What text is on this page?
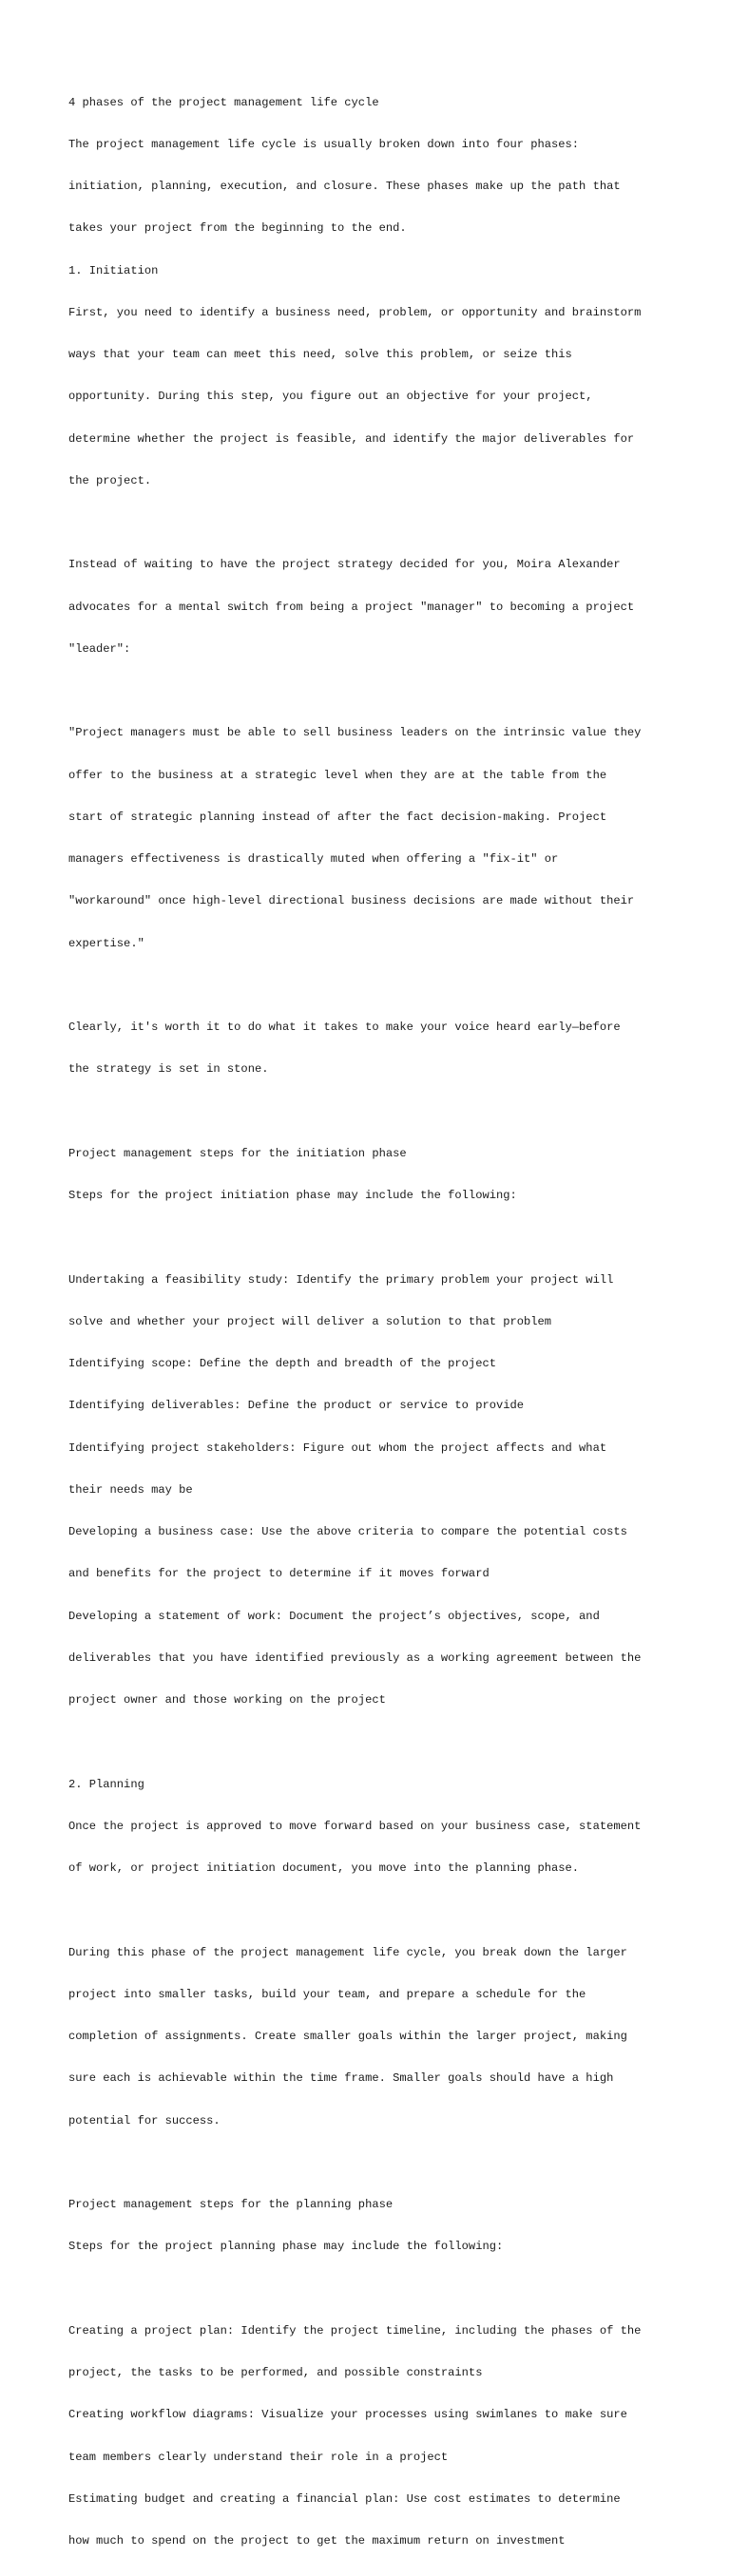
4 phases of the project management life cycle

The project management life cycle is usually broken down into four phases:

initiation, planning, execution, and closure. These phases make up the path that

takes your project from the beginning to the end.

1. Initiation

First, you need to identify a business need, problem, or opportunity and brainstorm

ways that your team can meet this need, solve this problem, or seize this

opportunity. During this step, you figure out an objective for your project,

determine whether the project is feasible, and identify the major deliverables for

the project.

Instead of waiting to have the project strategy decided for you, Moira Alexander

advocates for a mental switch from being a project "manager" to becoming a project

"leader":

"Project managers must be able to sell business leaders on the intrinsic value they

offer to the business at a strategic level when they are at the table from the

start of strategic planning instead of after the fact decision-making. Project

managers effectiveness is drastically muted when offering a "fix-it" or

"workaround" once high-level directional business decisions are made without their

expertise."

Clearly, it's worth it to do what it takes to make your voice heard early—before

the strategy is set in stone.

Project management steps for the initiation phase

Steps for the project initiation phase may include the following:

Undertaking a feasibility study: Identify the primary problem your project will

solve and whether your project will deliver a solution to that problem

Identifying scope: Define the depth and breadth of the project

Identifying deliverables: Define the product or service to provide

Identifying project stakeholders: Figure out whom the project affects and what

their needs may be

Developing a business case: Use the above criteria to compare the potential costs

and benefits for the project to determine if it moves forward

Developing a statement of work: Document the project’s objectives, scope, and

deliverables that you have identified previously as a working agreement between the

project owner and those working on the project

2. Planning

Once the project is approved to move forward based on your business case, statement

of work, or project initiation document, you move into the planning phase.

During this phase of the project management life cycle, you break down the larger

project into smaller tasks, build your team, and prepare a schedule for the

completion of assignments. Create smaller goals within the larger project, making

sure each is achievable within the time frame. Smaller goals should have a high

potential for success.

Project management steps for the planning phase

Steps for the project planning phase may include the following:

Creating a project plan: Identify the project timeline, including the phases of the

project, the tasks to be performed, and possible constraints

Creating workflow diagrams: Visualize your processes using swimlanes to make sure

team members clearly understand their role in a project

Estimating budget and creating a financial plan: Use cost estimates to determine

how much to spend on the project to get the maximum return on investment
